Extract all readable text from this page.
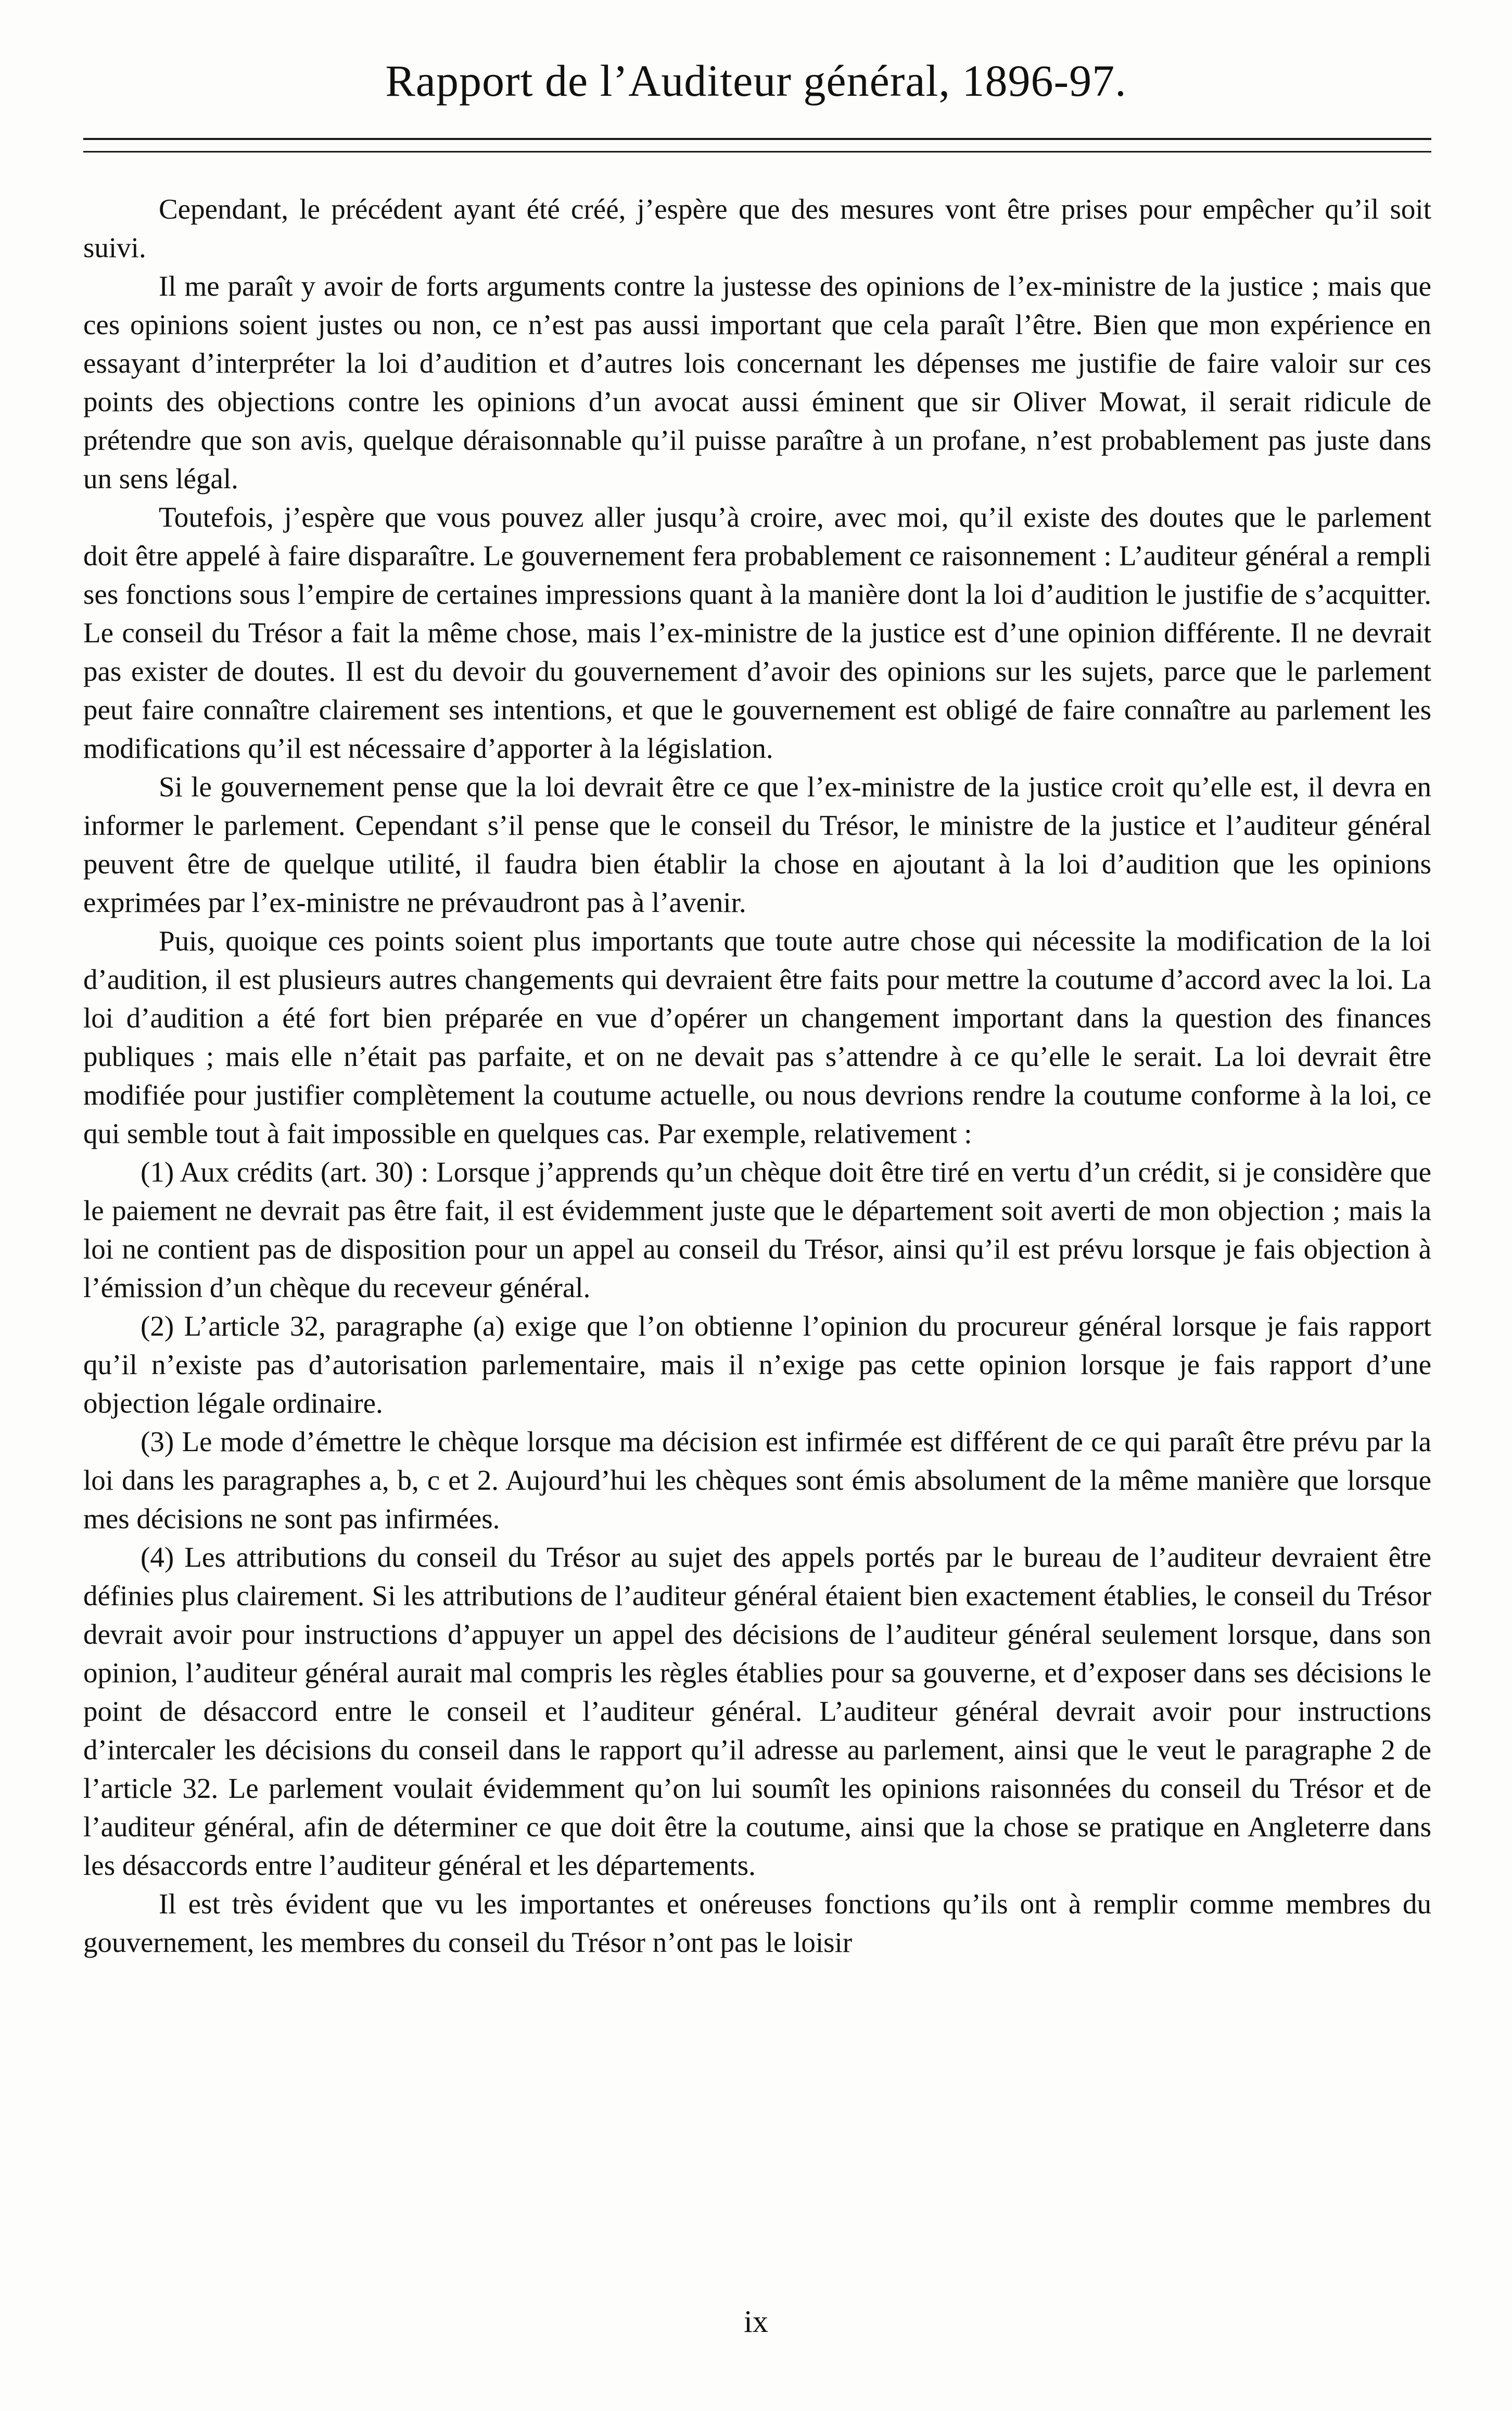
Rapport de l’Auditeur général, 1896-97.

Cependant, le précédent ayant été créé, j’espère que des mesures vont être prises pour empêcher qu’il soit suivi.

Il me paraît y avoir de forts arguments contre la justesse des opinions de l’ex-ministre de la justice ; mais que ces opinions soient justes ou non, ce n’est pas aussi important que cela paraît l’être. Bien que mon expérience en essayant d’interpréter la loi d’audition et d’autres lois concernant les dépenses me justifie de faire valoir sur ces points des objections contre les opinions d’un avocat aussi éminent que sir Oliver Mowat, il serait ridicule de prétendre que son avis, quelque déraisonnable qu’il puisse paraître à un profane, n’est probablement pas juste dans un sens légal.

Toutefois, j’espère que vous pouvez aller jusqu’à croire, avec moi, qu’il existe des doutes que le parlement doit être appelé à faire disparaître. Le gouvernement fera probablement ce raisonnement : L’auditeur général a rempli ses fonctions sous l’empire de certaines impressions quant à la manière dont la loi d’audition le justifie de s’acquitter. Le conseil du Trésor a fait la même chose, mais l’ex-ministre de la justice est d’une opinion différente. Il ne devrait pas exister de doutes. Il est du devoir du gouvernement d’avoir des opinions sur les sujets, parce que le parlement peut faire connaître clairement ses intentions, et que le gouvernement est obligé de faire connaître au parlement les modifications qu’il est nécessaire d’apporter à la législation.

Si le gouvernement pense que la loi devrait être ce que l’ex-ministre de la justice croit qu’elle est, il devra en informer le parlement. Cependant s’il pense que le conseil du Trésor, le ministre de la justice et l’auditeur général peuvent être de quelque utilité, il faudra bien établir la chose en ajoutant à la loi d’audition que les opinions exprimées par l’ex-ministre ne prévaudront pas à l’avenir.

Puis, quoique ces points soient plus importants que toute autre chose qui nécessite la modification de la loi d’audition, il est plusieurs autres changements qui devraient être faits pour mettre la coutume d’accord avec la loi. La loi d’audition a été fort bien préparée en vue d’opérer un changement important dans la question des finances publiques ; mais elle n’était pas parfaite, et on ne devait pas s’attendre à ce qu’elle le serait. La loi devrait être modifiée pour justifier complètement la coutume actuelle, ou nous devrions rendre la coutume conforme à la loi, ce qui semble tout à fait impossible en quelques cas. Par exemple, relativement :

(1) Aux crédits (art. 30) : Lorsque j’apprends qu’un chèque doit être tiré en vertu d’un crédit, si je considère que le paiement ne devrait pas être fait, il est évidemment juste que le département soit averti de mon objection ; mais la loi ne contient pas de disposition pour un appel au conseil du Trésor, ainsi qu’il est prévu lorsque je fais objection à l’émission d’un chèque du receveur général.

(2) L’article 32, paragraphe (a) exige que l’on obtienne l’opinion du procureur général lorsque je fais rapport qu’il n’existe pas d’autorisation parlementaire, mais il n’exige pas cette opinion lorsque je fais rapport d’une objection légale ordinaire.

(3) Le mode d’émettre le chèque lorsque ma décision est infirmée est différent de ce qui paraît être prévu par la loi dans les paragraphes a, b, c et 2. Aujourd’hui les chèques sont émis absolument de la même manière que lorsque mes décisions ne sont pas infirmées.

(4) Les attributions du conseil du Trésor au sujet des appels portés par le bureau de l’auditeur devraient être définies plus clairement. Si les attributions de l’auditeur général étaient bien exactement établies, le conseil du Trésor devrait avoir pour instructions d’appuyer un appel des décisions de l’auditeur général seulement lorsque, dans son opinion, l’auditeur général aurait mal compris les règles établies pour sa gouverne, et d’exposer dans ses décisions le point de désaccord entre le conseil et l’auditeur général. L’auditeur général devrait avoir pour instructions d’intercaler les décisions du conseil dans le rapport qu’il adresse au parlement, ainsi que le veut le paragraphe 2 de l’article 32. Le parlement voulait évidemment qu’on lui soumît les opinions raisonnées du conseil du Trésor et de l’auditeur général, afin de déterminer ce que doit être la coutume, ainsi que la chose se pratique en Angleterre dans les désaccords entre l’auditeur général et les départements.

Il est très évident que vu les importantes et onéreuses fonctions qu’ils ont à remplir comme membres du gouvernement, les membres du conseil du Trésor n’ont pas le loisir

ix
